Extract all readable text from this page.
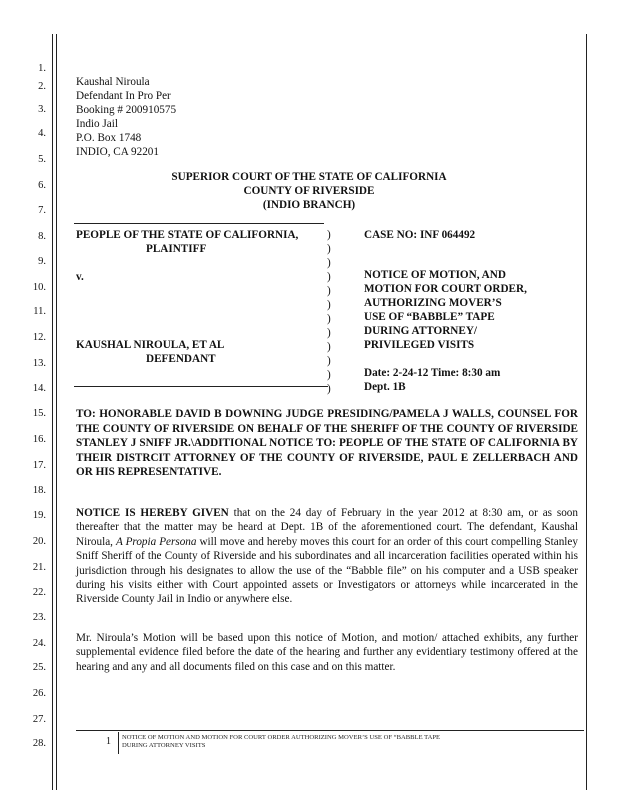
1.
2.
3.
4.
5.
6.
7.
8.
9.
10.
11.
12.
13.
14.
15.
16.
17.
18.
19.
20.
21.
22.
23.
24.
25.
26.
27.
28.
Kaushal Niroula
Defendant In Pro Per
Booking # 200910575
Indio Jail
P.O. Box 1748
INDIO, CA 92201
SUPERIOR COURT OF THE STATE OF CALIFORNIA
COUNTY OF RIVERSIDE
(INDIO BRANCH)
PEOPLE OF THE STATE OF CALIFORNIA,
PLAINTIFF
v.
KAUSHAL NIROULA, ET AL
DEFENDANT
)
)
)
)
)
)
)
)
)
)
)
)
CASE NO: INF 064492
NOTICE OF MOTION, AND
MOTION FOR COURT ORDER,
AUTHORIZING MOVER’S
USE OF “BABBLE” TAPE
DURING ATTORNEY/
PRIVILEGED VISITS
Date: 2-24-12 Time: 8:30 am
Dept. 1B
TO: HONORABLE DAVID B DOWNING JUDGE PRESIDING/PAMELA J WALLS, COUNSEL FOR THE COUNTY OF RIVERSIDE ON BEHALF OF THE SHERIFF OF THE COUNTY OF RIVERSIDE STANLEY J SNIFF JR.\ADDITIONAL NOTICE TO: PEOPLE OF THE STATE OF CALIFORNIA BY THEIR DISTRCIT ATTORNEY OF THE COUNTY OF RIVERSIDE, PAUL E ZELLERBACH AND OR HIS REPRESENTATIVE.
NOTICE IS HEREBY GIVEN that on the 24 day of February in the year 2012 at 8:30 am, or as soon thereafter that the matter may be heard at Dept. 1B of the aforementioned court. The defendant, Kaushal Niroula, A Propia Persona will move and hereby moves this court for an order of this court compelling Stanley Sniff Sheriff of the County of Riverside and his subordinates and all incarceration facilities operated within his jurisdiction through his designates to allow the use of the “Babble file” on his computer and a USB speaker during his visits either with Court appointed assets or Investigators or attorneys while incarcerated in the Riverside County Jail in Indio or anywhere else.
Mr. Niroula’s Motion will be based upon this notice of Motion, and motion/ attached exhibits, any further supplemental evidence filed before the date of the hearing and further any evidentiary testimony offered at the hearing and any and all documents filed on this case and on this matter.
1 NOTICE OF MOTION AND MOTION FOR COURT ORDER AUTHORIZING MOVER’S USE OF “BABBLE TAPE
DURING ATTORNEY VISITS
